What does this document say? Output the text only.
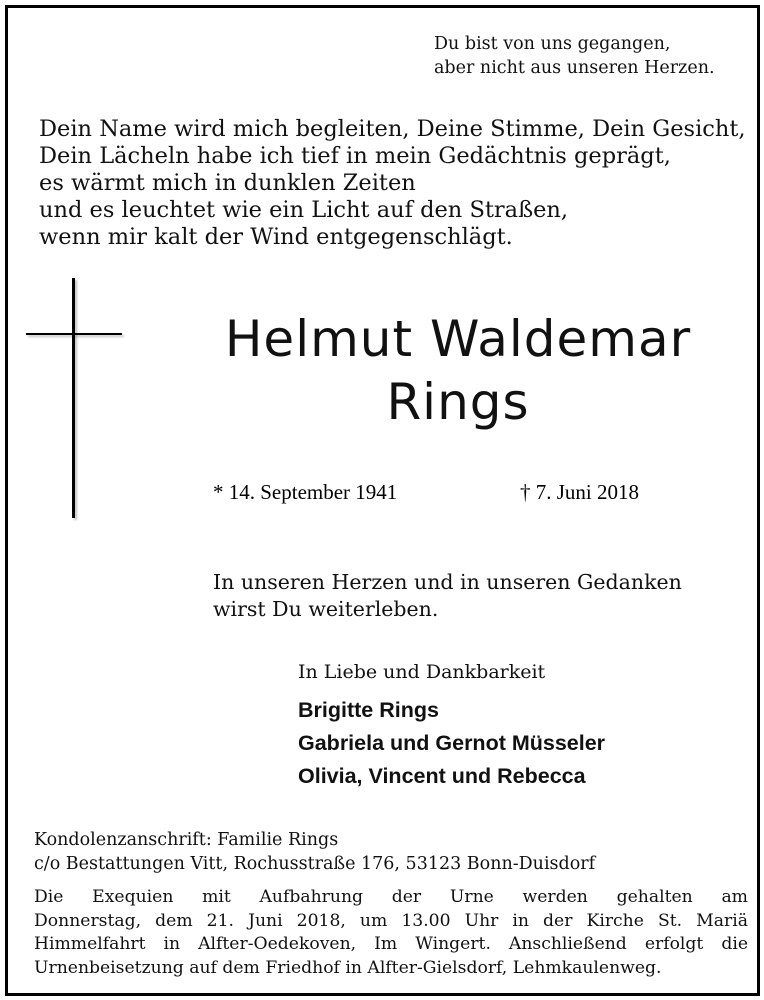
Du bist von uns gegangen,
aber nicht aus unseren Herzen.
Dein Name wird mich begleiten, Deine Stimme, Dein Gesicht,
Dein Lächeln habe ich tief in mein Gedächtnis geprägt,
es wärmt mich in dunklen Zeiten
und es leuchtet wie ein Licht auf den Straßen,
wenn mir kalt der Wind entgegenschlägt.
Helmut Waldemar
Rings
* 14. September 1941	† 7. Juni 2018
In unseren Herzen und in unseren Gedanken
wirst Du weiterleben.
In Liebe und Dankbarkeit
Brigitte Rings
Gabriela und Gernot Müsseler
Olivia, Vincent und Rebecca
Kondolenzanschrift: Familie Rings
c/o Bestattungen Vitt, Rochusstraße 176, 53123 Bonn-Duisdorf
Die Exequien mit Aufbahrung der Urne werden gehalten am
Donnerstag, dem 21. Juni 2018, um 13.00 Uhr in der Kirche St. Mariä
Himmelfahrt in Alfter-Oedekoven, Im Wingert. Anschließend erfolgt die
Urnenbeisetzung auf dem Friedhof in Alfter-Gielsdorf, Lehmkaulenweg.
